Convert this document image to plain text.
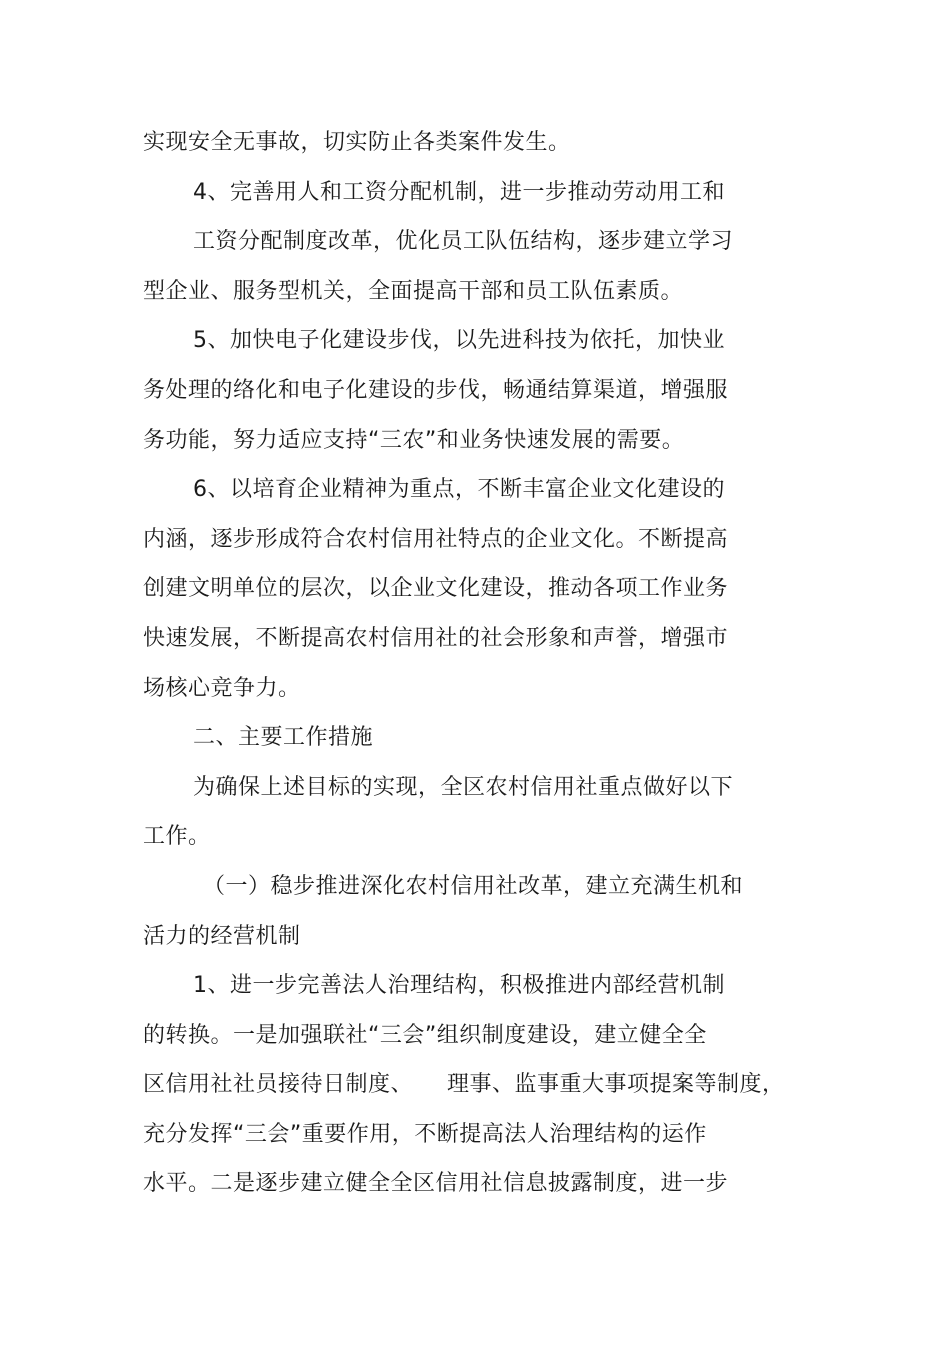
实现安全无事故，切实防止各类案件发生。
4、完善用人和工资分配机制，进一步推动劳动用工和
工资分配制度改革，优化员工队伍结构，逐步建立学习
型企业、服务型机关，全面提高干部和员工队伍素质。
5、加快电子化建设步伐，以先进科技为依托，加快业
务处理的络化和电子化建设的步伐，畅通结算渠道，增强服
务功能，努力适应支持“三农”和业务快速发展的需要。
6、以培育企业精神为重点，不断丰富企业文化建设的
内涵，逐步形成符合农村信用社特点的企业文化。不断提高
创建文明单位的层次，以企业文化建设，推动各项工作业务
快速发展，不断提高农村信用社的社会形象和声誉，增强市
场核心竞争力。
二、主要工作措施
为确保上述目标的实现，全区农村信用社重点做好以下
工作。
（一）稳步推进深化农村信用社改革，建立充满生机和
活力的经营机制
1、进一步完善法人治理结构，积极推进内部经营机制
的转换。一是加强联社“三会”组织制度建设，建立健全全
区信用社社员接待日制度、 理事、监事重大事项提案等制度，
充分发挥“三会”重要作用，不断提高法人治理结构的运作
水平。二是逐步建立健全全区信用社信息披露制度，进一步
